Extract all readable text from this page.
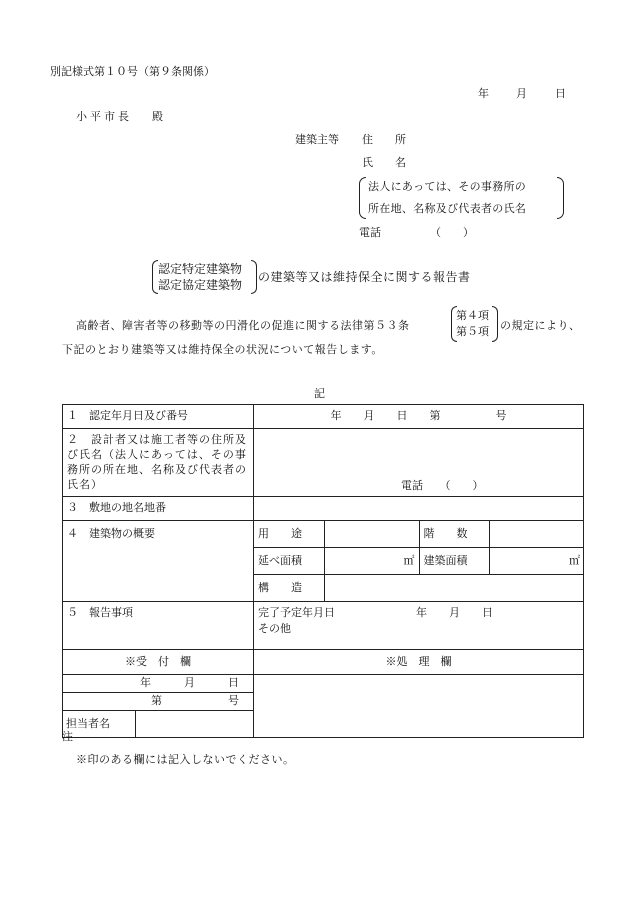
別記様式第１０号（第９条関係）
年 月	日
小平市長 殿
建築主等 住　　所
氏　　名
法人にあっては、その事務所の
所在地、名称及び代表者の氏名
電話	（　　）
認定特定建築物
認定協定建築物
の建築等又は維持保全に関する報告書
高齢者、障害者等の移動等の円滑化の促進に関する法律第５３条
第４項
第５項 の規定により、
下記のとおり建築等又は維持保全の状況について報告します。
記
１　認定年月日及び番号	年　　月　　日　　第　　　　　号
２　設計者又は施工者等の住所及び氏名（法人にあっては、その事務所の所在地、名称及び代表者の氏名）	電話　　（　　）
３　敷地の地名地番	
４　建築物の概要		用　　途		階　　数	
延べ面積	㎡	建築面積	㎡
構　　造	

５　報告事項	完了予定年月日	年　　月　　日
その他

※受　付　欄	※処　理　欄

年　　　月　　　日
第　　　　　　号
担当者名	

注
※印のある欄には記入しないでください。
